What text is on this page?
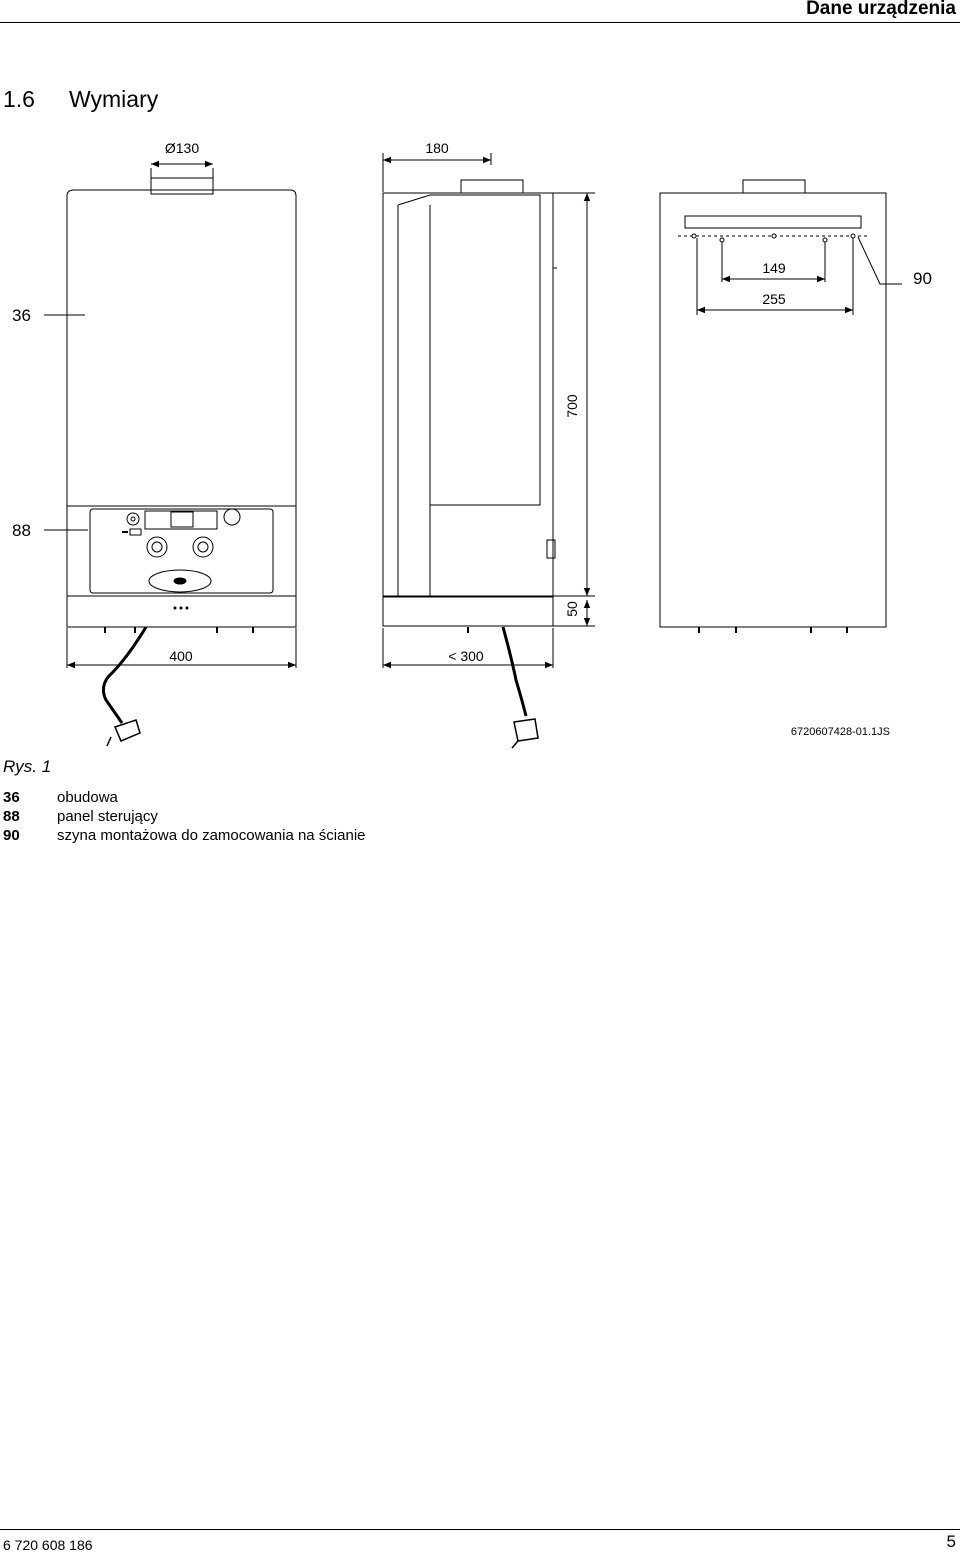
Dane urządzenia
1.6 Wymiary
Ø130	180
700
50
400	< 300
149
255
36
88
90
6720607428-01.1JS
Rys. 1
36	obudowa
88	panel sterujący
90	szyna montażowa do zamocowania na ścianie
6 720 608 186	5
